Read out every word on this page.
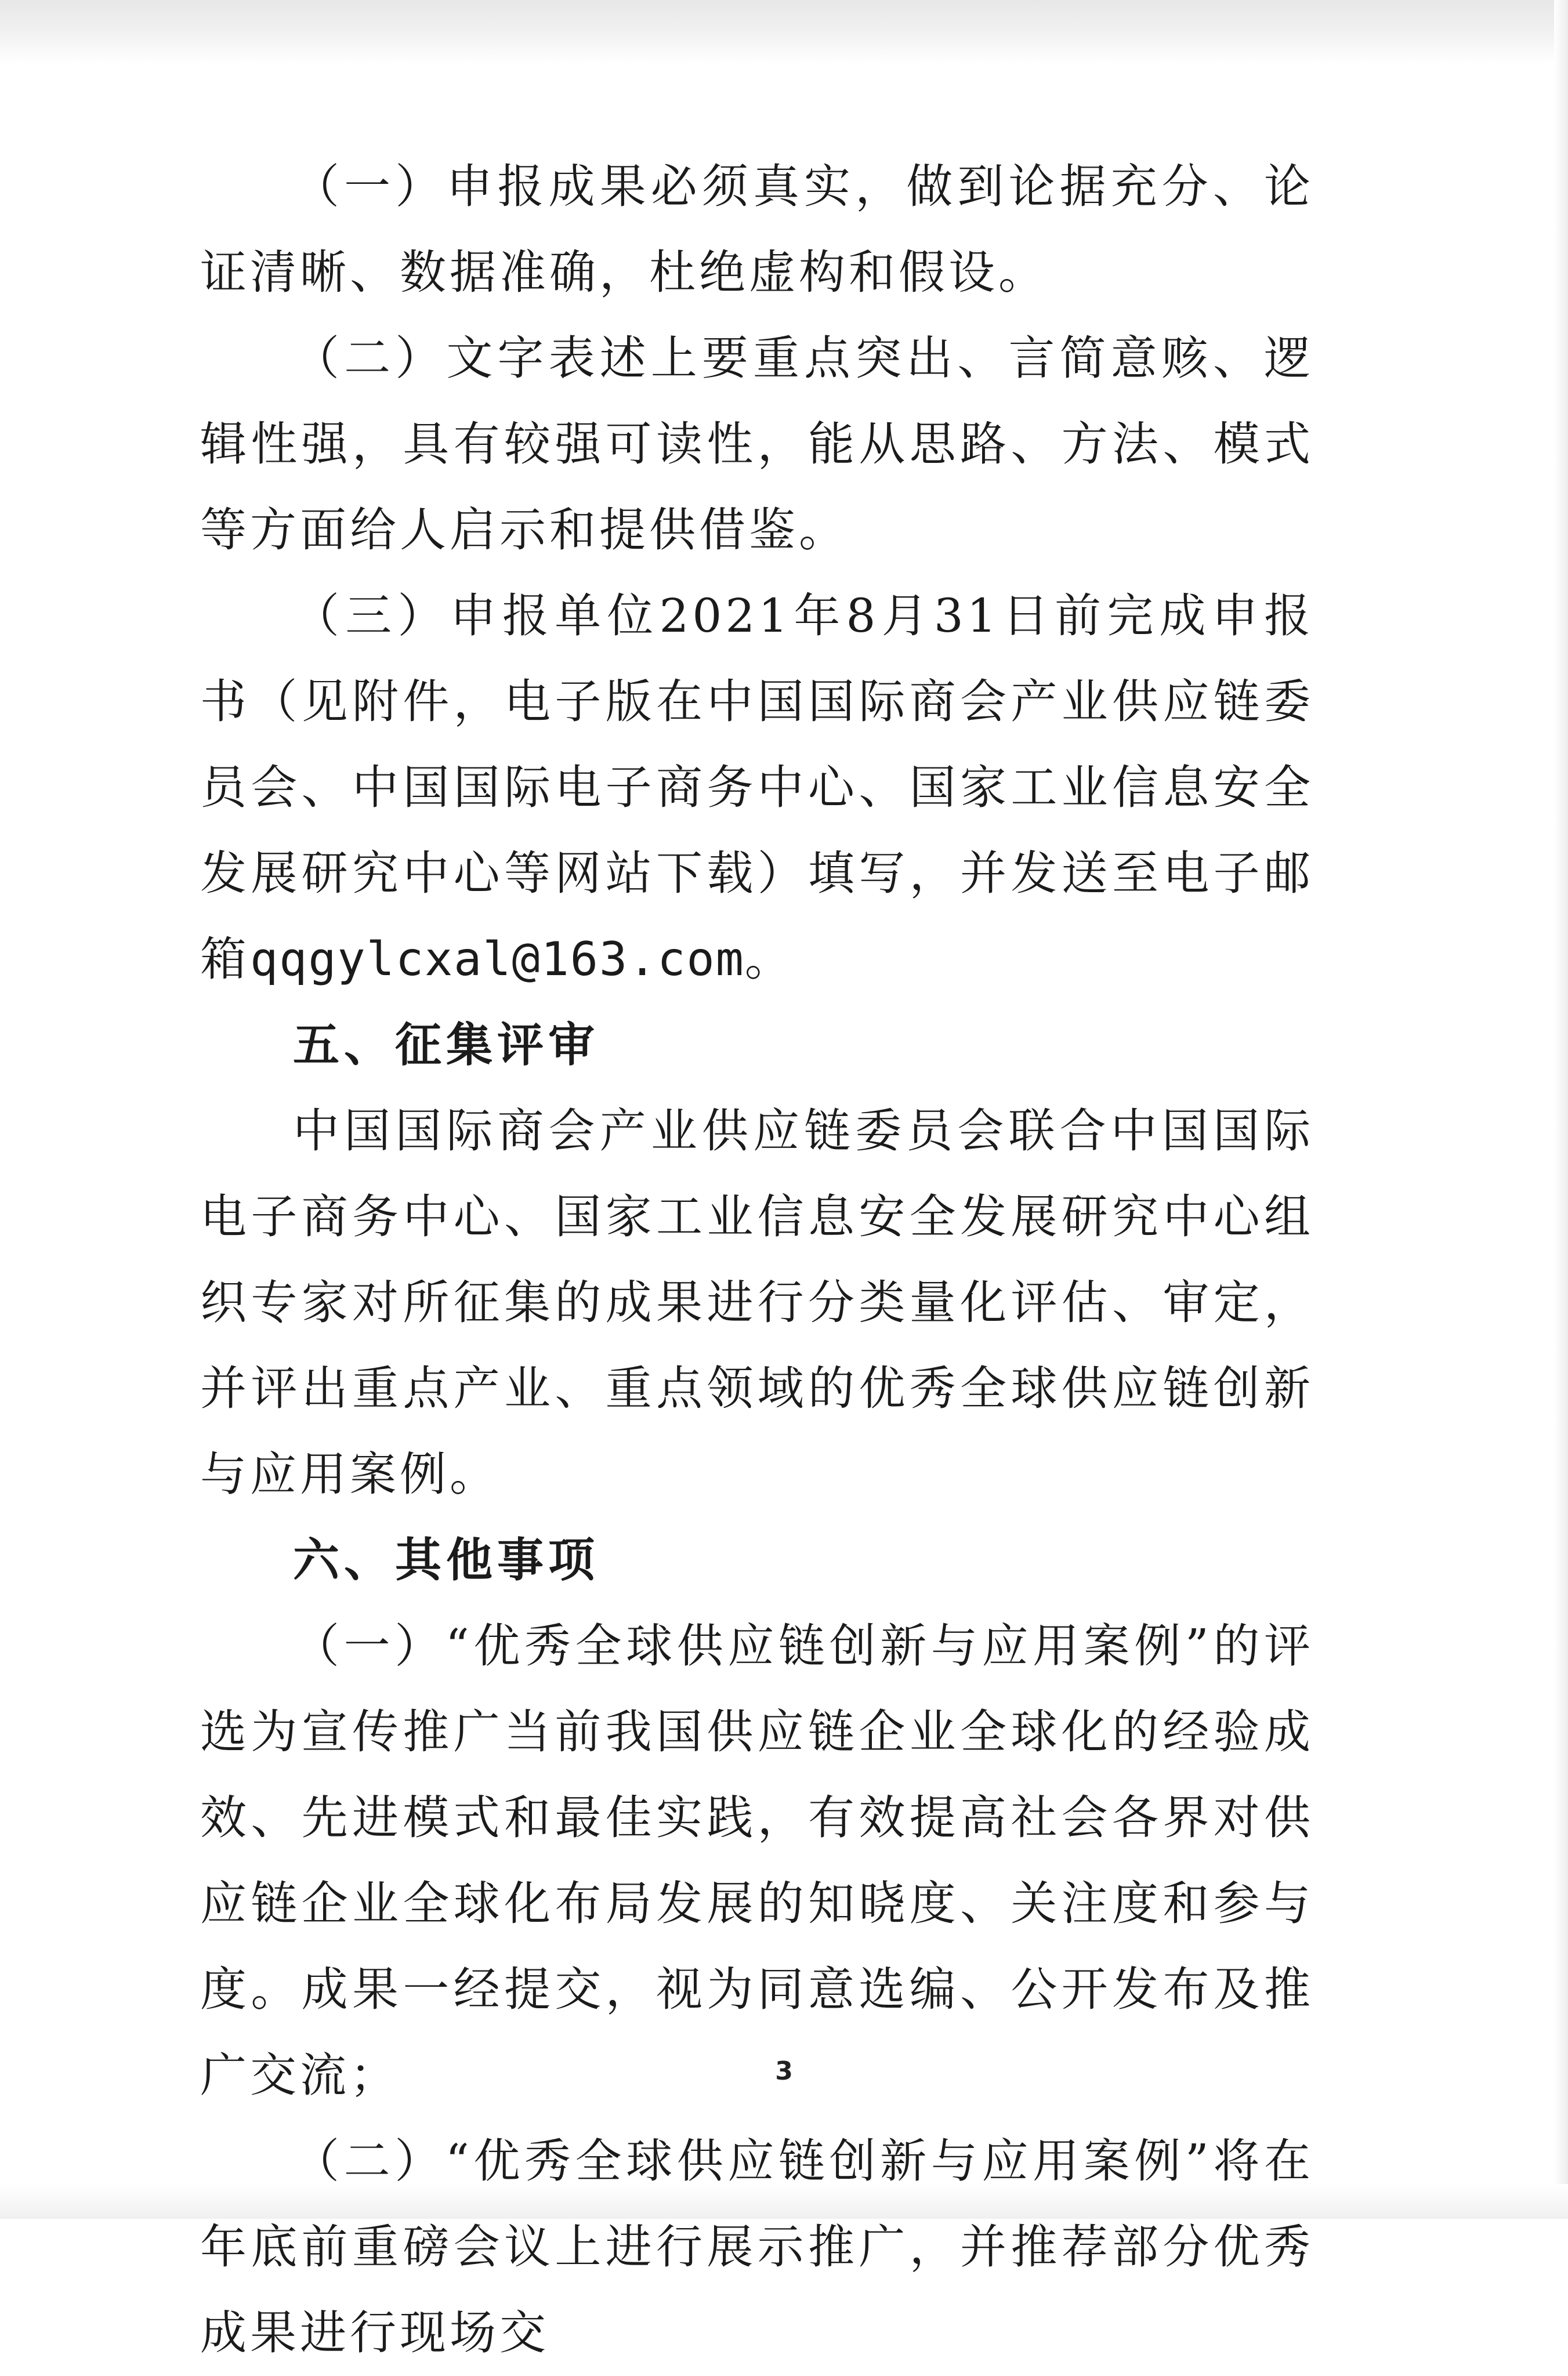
（一）申报成果必须真实，做到论据充分、论证清晰、数据准确，杜绝虚构和假设。

（二）文字表述上要重点突出、言简意赅、逻辑性强，具有较强可读性，能从思路、方法、模式等方面给人启示和提供借鉴。

（三）申报单位2021年8月31日前完成申报书（见附件，电子版在中国国际商会产业供应链委员会、中国国际电子商务中心、国家工业信息安全发展研究中心等网站下载）填写，并发送至电子邮箱qqgylcxal@163.com。

五、征集评审

中国国际商会产业供应链委员会联合中国国际电子商务中心、国家工业信息安全发展研究中心组织专家对所征集的成果进行分类量化评估、审定，并评出重点产业、重点领域的优秀全球供应链创新与应用案例。

六、其他事项

（一）“优秀全球供应链创新与应用案例”的评选为宣传推广当前我国供应链企业全球化的经验成效、先进模式和最佳实践，有效提高社会各界对供应链企业全球化布局发展的知晓度、关注度和参与度。成果一经提交，视为同意选编、公开发布及推广交流；

（二）“优秀全球供应链创新与应用案例”将在年底前重磅会议上进行展示推广，并推荐部分优秀成果进行现场交

3
